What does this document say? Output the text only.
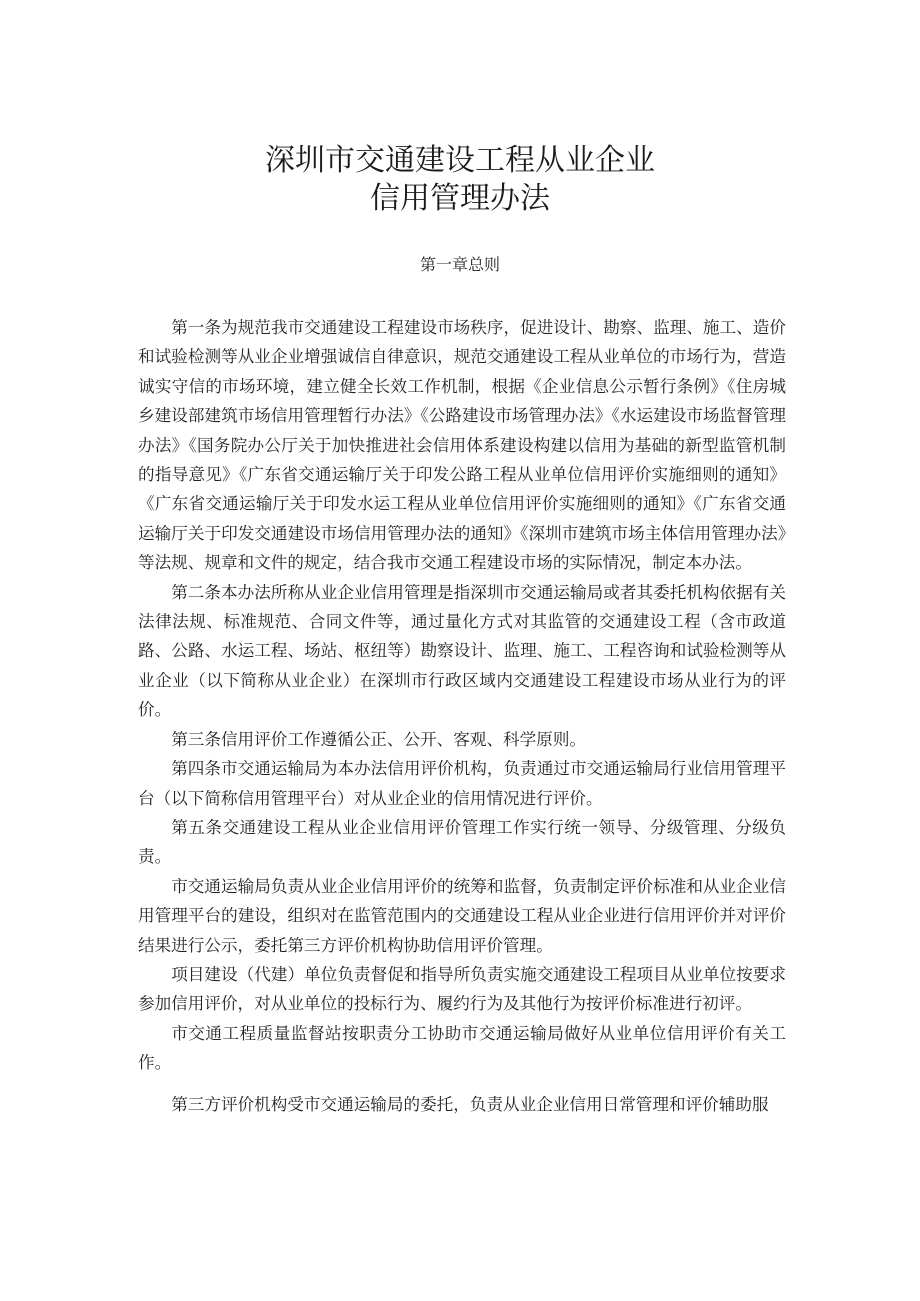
深圳市交通建设工程从业企业
信用管理办法
第一章总则

第一条为规范我市交通建设工程建设市场秩序，促进设计、勘察、监理、施工、造价和试验检测等从业企业增强诚信自律意识，规范交通建设工程从业单位的市场行为，营造诚实守信的市场环境，建立健全长效工作机制，根据《企业信息公示暂行条例》《住房城乡建设部建筑市场信用管理暂行办法》《公路建设市场管理办法》《水运建设市场监督管理办法》《国务院办公厅关于加快推进社会信用体系建设构建以信用为基础的新型监管机制的指导意见》《广东省交通运输厅关于印发公路工程从业单位信用评价实施细则的通知》《广东省交通运输厅关于印发水运工程从业单位信用评价实施细则的通知》《广东省交通运输厅关于印发交通建设市场信用管理办法的通知》《深圳市建筑市场主体信用管理办法》等法规、规章和文件的规定，结合我市交通工程建设市场的实际情况，制定本办法。

第二条本办法所称从业企业信用管理是指深圳市交通运输局或者其委托机构依据有关法律法规、标准规范、合同文件等，通过量化方式对其监管的交通建设工程（含市政道路、公路、水运工程、场站、枢纽等）勘察设计、监理、施工、工程咨询和试验检测等从业企业（以下简称从业企业）在深圳市行政区域内交通建设工程建设市场从业行为的评价。

第三条信用评价工作遵循公正、公开、客观、科学原则。

第四条市交通运输局为本办法信用评价机构，负责通过市交通运输局行业信用管理平台（以下简称信用管理平台）对从业企业的信用情况进行评价。

第五条交通建设工程从业企业信用评价管理工作实行统一领导、分级管理、分级负责。

市交通运输局负责从业企业信用评价的统筹和监督，负责制定评价标准和从业企业信用管理平台的建设，组织对在监管范围内的交通建设工程从业企业进行信用评价并对评价结果进行公示，委托第三方评价机构协助信用评价管理。

项目建设（代建）单位负责督促和指导所负责实施交通建设工程项目从业单位按要求参加信用评价，对从业单位的投标行为、履约行为及其他行为按评价标准进行初评。

市交通工程质量监督站按职责分工协助市交通运输局做好从业单位信用评价有关工作。

第三方评价机构受市交通运输局的委托，负责从业企业信用日常管理和评价辅助服
